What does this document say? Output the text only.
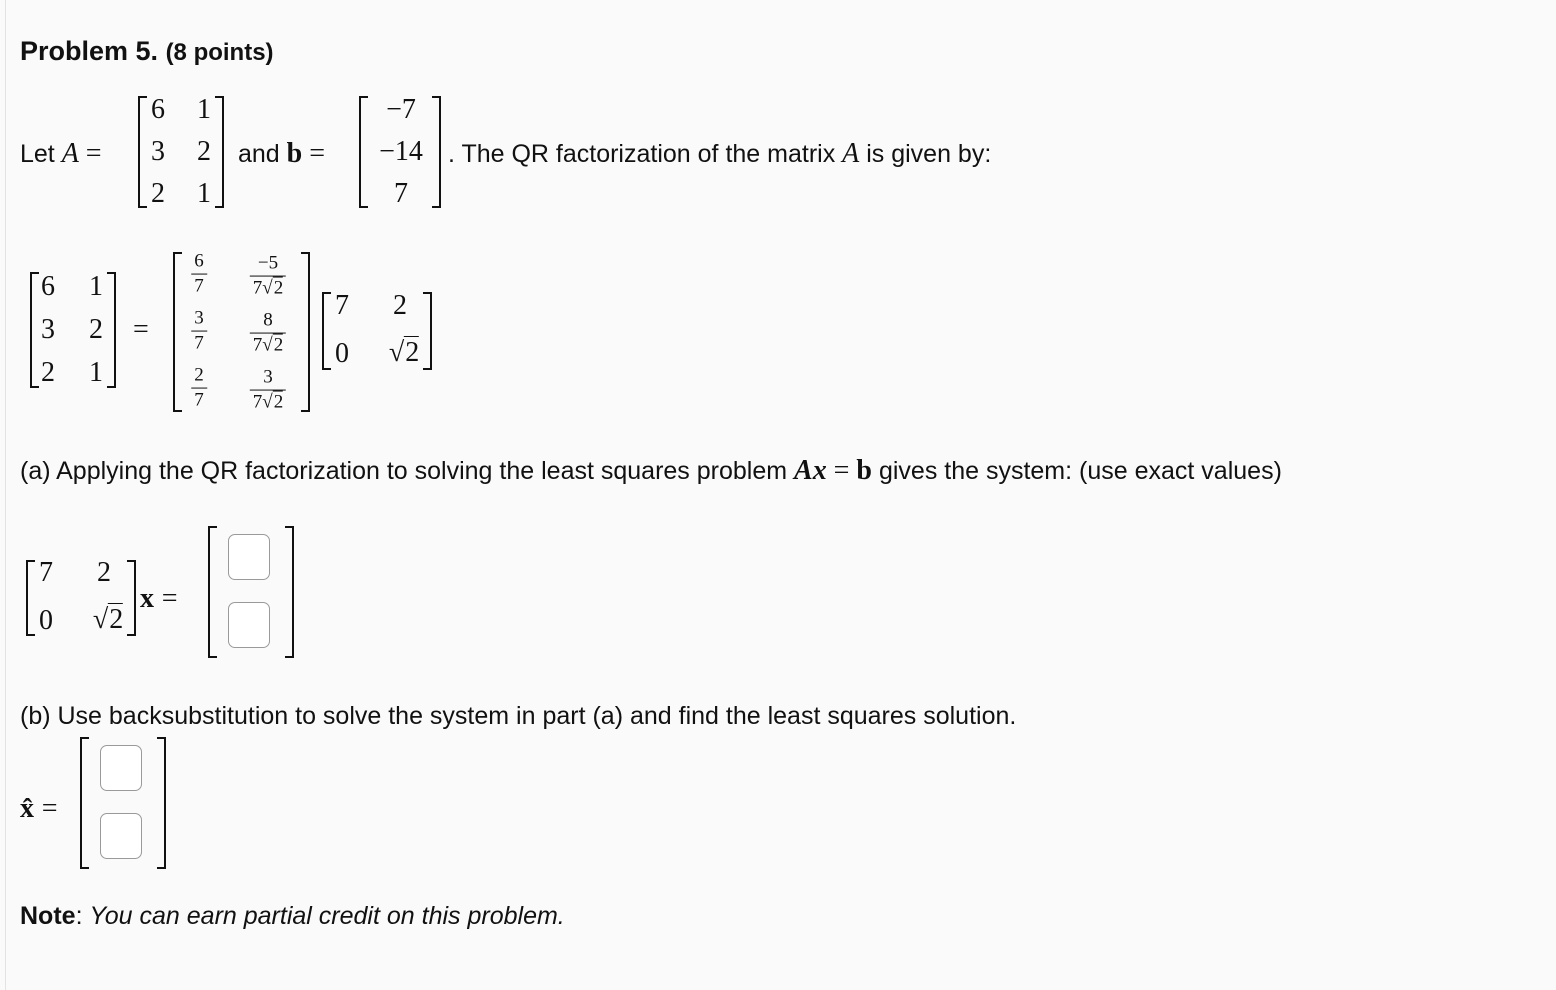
Problem 5. (8 points)
Let A =
6 1
3 2
2 1
and b =
−7
−14
7
. The QR factorization of the matrix A is given by:
6 1
3 2
2 1
=
$\frac{6}{7}$
$\frac{3}{7}$
$\frac{2}{7}$
$\frac{-5}{7√2}$
$\frac{8}{7√2}$
$\frac{3}{7√2}$
7 2
0 √2
(a) Applying the QR factorization to solving the least squares problem Ax = b gives the system: (use exact values)
7 2
0 √2
x =
(b) Use backsubstitution to solve the system in part (a) and find the least squares solution.
x̂ =
Note: You can earn partial credit on this problem.
